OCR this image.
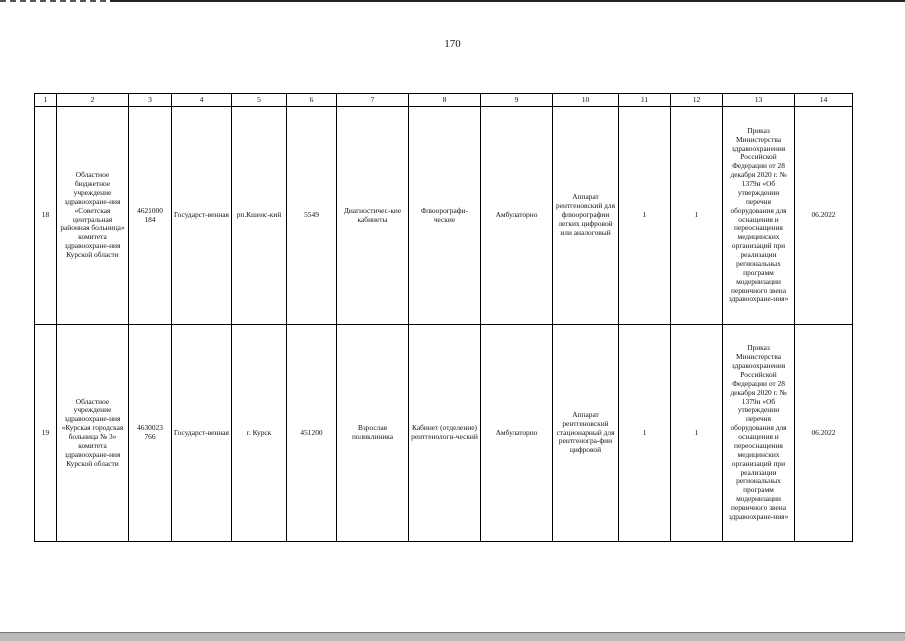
170
1	2	3	4	5	6	7	8	9	10	11	12	13	14
18	Областное бюджетное учреждение здравоохране-ния «Советская центральная районная больница» комитета здравоохране-ния Курской области	4621000 184	Государст-венная	рп.Кшенс-кий	5549	Диагностичес-кие кабинеты	Флюорографи-ческие	Амбулаторно	Аппарат рентгеновский для флюорографии легких цифровой или аналоговый	1	1	Приказ Министерства здравоохранения Российской Федерации от 28 декабря 2020 г. № 1379н «Об утверждении перечня оборудования для оснащения и переоснащения медицинских организаций при реализации региональных программ модернизации первичного звена здравоохране-ния»	06.2022
19	Областное учреждение здравоохране-ния «Курская городская больница № 3» комитета здравоохране-ния Курской области	4630023 766	Государст-венная	г. Курск	451200	Взрослая поликлиника	Кабинет (отделение) рентгенологи-ческий	Амбулаторно	Аппарат рентгеновский стационарный для рентгеногра-фии цифровой	1	1	Приказ Министерства здравоохранения Российской Федерации от 28 декабря 2020 г. № 1379н «Об утверждении перечня оборудования для оснащения и переоснащения медицинских организаций при реализации региональных программ модернизации первичного звена здравоохране-ния»	06.2022
